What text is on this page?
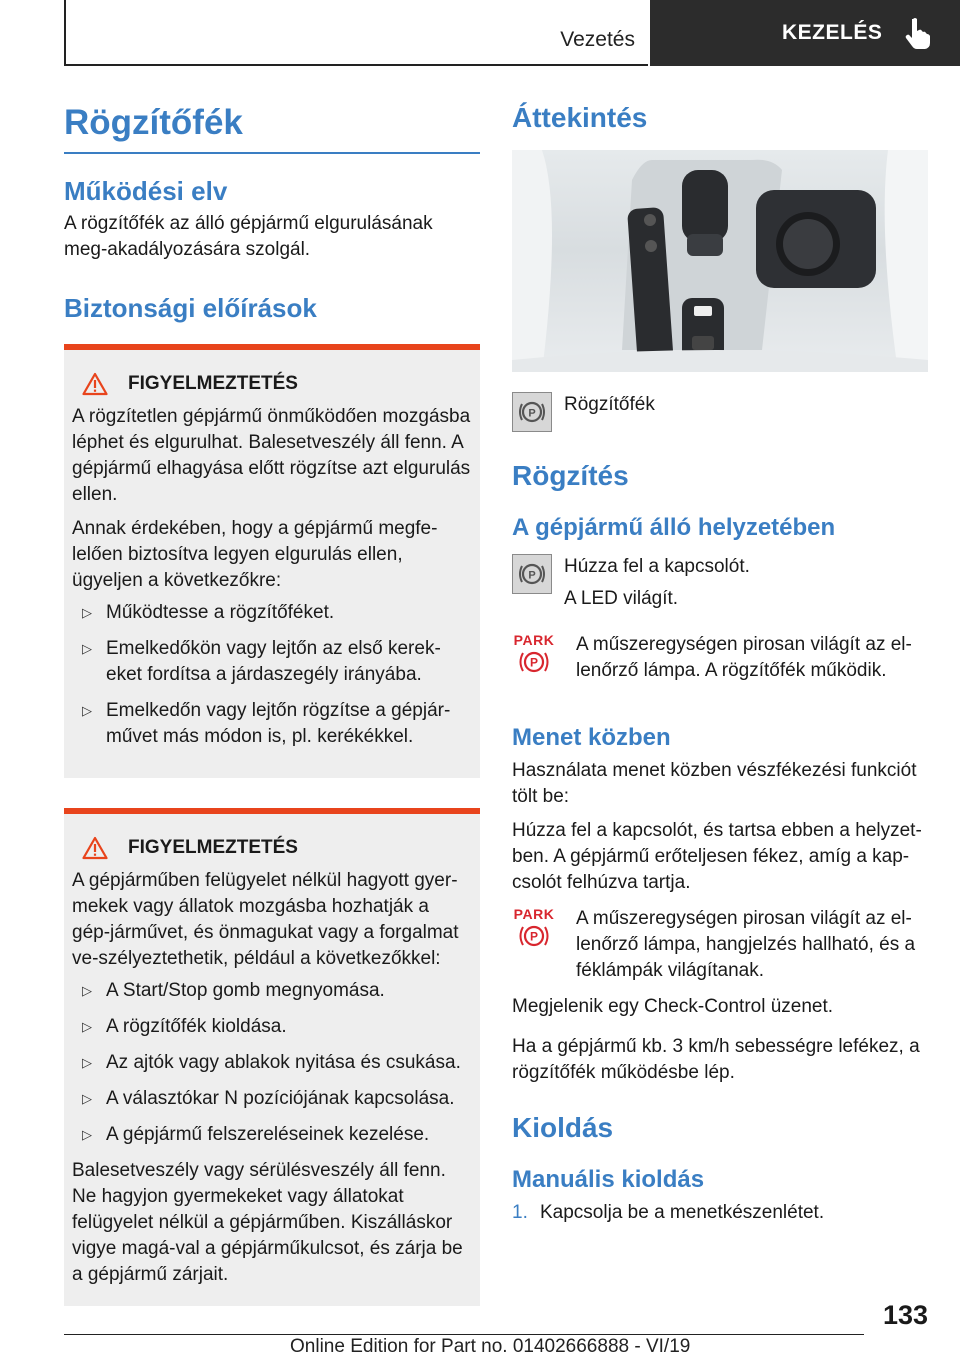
Vezetés	KEZELÉS
Rögzítőfék
Működési elv

A rögzítőfék az álló gépjármű elgurulásának meg-akadályozására szolgál.

Biztonsági előírások
FIGYELMEZTETÉS

A rögzítetlen gépjármű önműködően mozgásba léphet és elgurulhat. Balesetveszély áll fenn. A gépjármű elhagyása előtt rögzítse azt elgurulás ellen.

Annak érdekében, hogy a gépjármű megfe-lelően biztosítva legyen elgurulás ellen, ügyeljen a következőkre:

▷ Működtesse a rögzítőféket.
▷ Emelkedőkön vagy lejtőn az első kerek-eket fordítsa a járdaszegély irányába.
▷ Emelkedőn vagy lejtőn rögzítse a gépjár-művet más módon is, pl. kerékékkel.
FIGYELMEZTETÉS

A gépjárműben felügyelet nélkül hagyott gyer-mekek vagy állatok mozgásba hozhatják a gép-járművet, és önmagukat vagy a forgalmat ve-szélyeztethetik, például a következőkkel:

▷ A Start/Stop gomb megnyomása.
▷ A rögzítőfék kioldása.
▷ Az ajtók vagy ablakok nyitása és csukása.
▷ A választókar N pozíciójának kapcsolása.
▷ A gépjármű felszereléseinek kezelése.

Balesetveszély vagy sérülésveszély áll fenn. Ne hagyjon gyermekeket vagy állatokat felügyelet nélkül a gépjárműben. Kiszálláskor vigye magá-val a gépjárműkulcsot, és zárja be a gépjármű zárjait.

Áttekintés
P Rögzítőfék

Rögzítés
A gépjármű álló helyzetében
P Húzza fel a kapcsolót.

A LED világít.

PARK
P

A műszeregységen pirosan világít az el-lenőrző lámpa. A rögzítőfék működik.

Menet közben

Használata menet közben vészfékezési funkciót tölt be:

Húzza fel a kapcsolót, és tartsa ebben a helyzet-ben. A gépjármű erőteljesen fékez, amíg a kap-csolót felhúzva tartja.

PARK
P

A műszeregységen pirosan világít az el-lenőrző lámpa, hangjelzés hallható, és a féklámpák világítanak.

Megjelenik egy Check-Control üzenet.

Ha a gépjármű kb. 3 km/h sebességre lefékez, a rögzítőfék működésbe lép.

Kioldás
Manuális kioldás
1. Kapcsolja be a menetkészenlétet.

133
Online Edition for Part no. 01402666888 - VI/19
